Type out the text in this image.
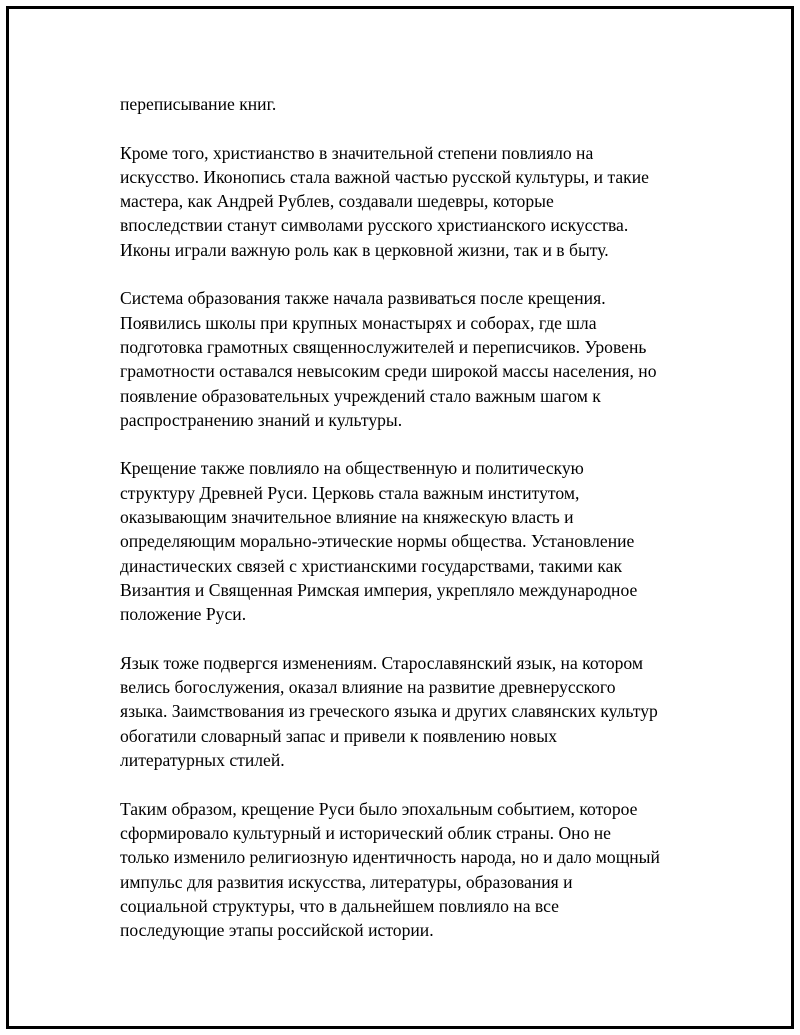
переписывание книг.

Кроме того, христианство в значительной степени повлияло на
искусство. Иконопись стала важной частью русской культуры, и такие
мастера, как Андрей Рублев, создавали шедевры, которые
впоследствии станут символами русского христианского искусства.
Иконы играли важную роль как в церковной жизни, так и в быту.

Система образования также начала развиваться после крещения.
Появились школы при крупных монастырях и соборах, где шла
подготовка грамотных священнослужителей и переписчиков. Уровень
грамотности оставался невысоким среди широкой массы населения, но
появление образовательных учреждений стало важным шагом к
распространению знаний и культуры.

Крещение также повлияло на общественную и политическую
структуру Древней Руси. Церковь стала важным институтом,
оказывающим значительное влияние на княжескую власть и
определяющим морально-этические нормы общества. Установление
династических связей с христианскими государствами, такими как
Византия и Священная Римская империя, укрепляло международное
положение Руси.

Язык тоже подвергся изменениям. Старославянский язык, на котором
велись богослужения, оказал влияние на развитие древнерусского
языка. Заимствования из греческого языка и других славянских культур
обогатили словарный запас и привели к появлению новых
литературных стилей.

Таким образом, крещение Руси было эпохальным событием, которое
сформировало культурный и исторический облик страны. Оно не
только изменило религиозную идентичность народа, но и дало мощный
импульс для развития искусства, литературы, образования и
социальной структуры, что в дальнейшем повлияло на все
последующие этапы российской истории.
